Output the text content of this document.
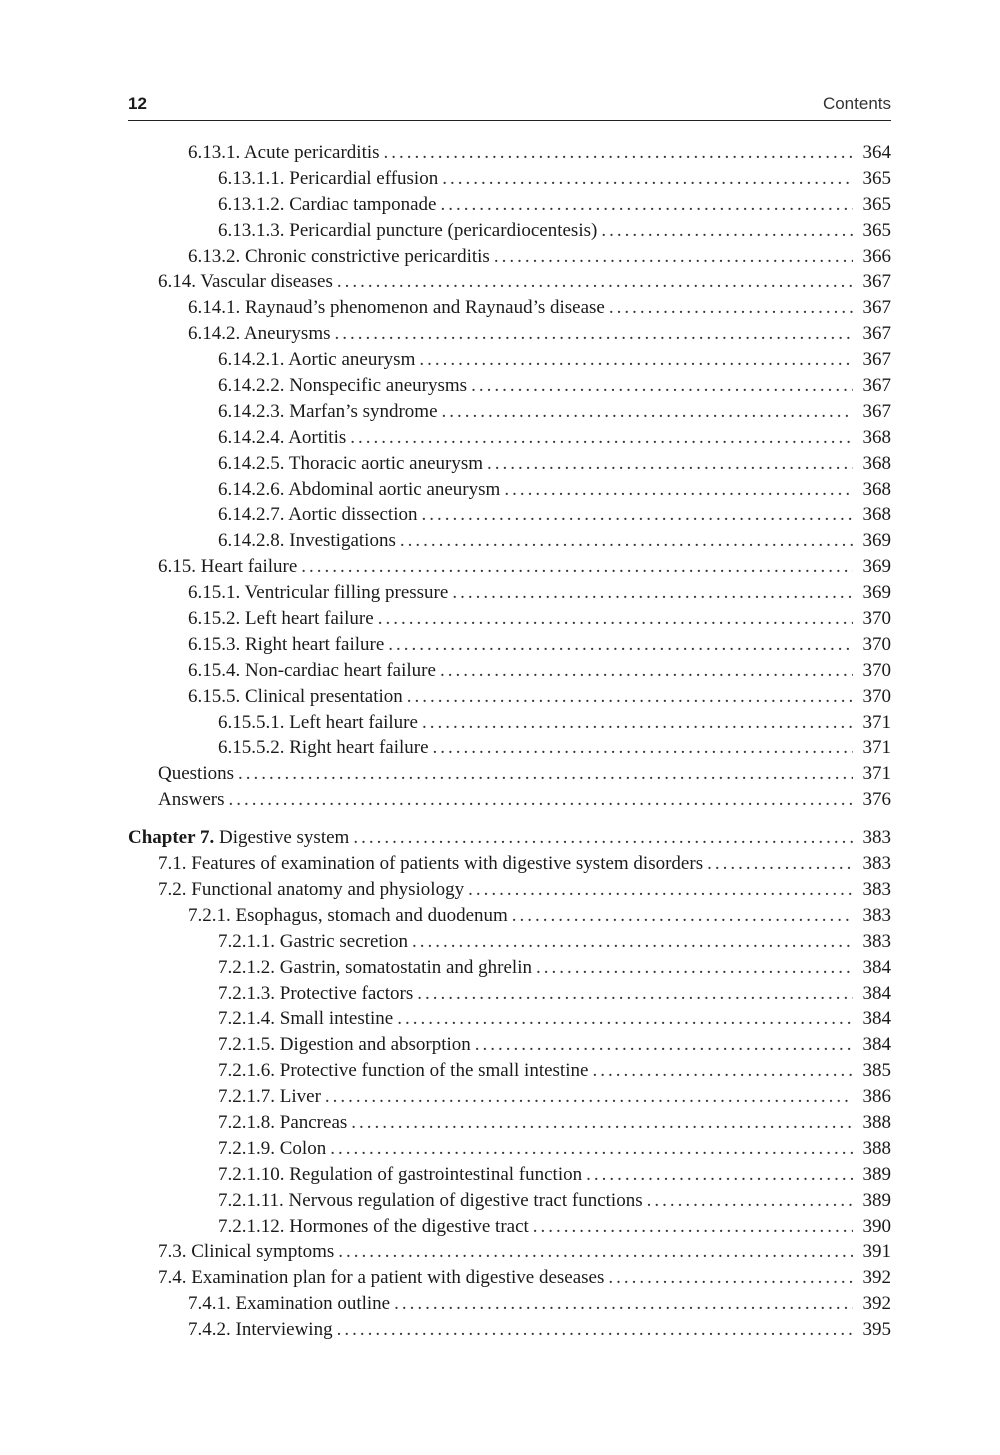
12	Contents
6.13.1. Acute pericarditis .....	364
6.13.1.1. Pericardial effusion .....	365
6.13.1.2. Cardiac tamponade .....	365
6.13.1.3. Pericardial puncture (pericardiocentesis) .....	365
6.13.2. Chronic constrictive pericarditis .....	366
6.14. Vascular diseases .....	367
6.14.1. Raynaud’s phenomenon and Raynaud’s disease .....	367
6.14.2. Aneurysms .....	367
6.14.2.1. Aortic aneurysm .....	367
6.14.2.2. Nonspecific aneurysms .....	367
6.14.2.3. Marfan’s syndrome .....	367
6.14.2.4. Aortitis .....	368
6.14.2.5. Thoracic aortic aneurysm .....	368
6.14.2.6. Abdominal aortic aneurysm .....	368
6.14.2.7. Aortic dissection .....	368
6.14.2.8. Investigations .....	369
6.15. Heart failure .....	369
6.15.1. Ventricular filling pressure .....	369
6.15.2. Left heart failure .....	370
6.15.3. Right heart failure .....	370
6.15.4. Non-cardiac heart failure .....	370
6.15.5. Clinical presentation .....	370
6.15.5.1. Left heart failure .....	371
6.15.5.2. Right heart failure .....	371
Questions .....	371
Answers .....	376
Chapter 7. Digestive system .....	383
7.1. Features of examination of patients with digestive system disorders .....	383
7.2. Functional anatomy and physiology .....	383
7.2.1. Esophagus, stomach and duodenum .....	383
7.2.1.1. Gastric secretion .....	383
7.2.1.2. Gastrin, somatostatin and ghrelin .....	384
7.2.1.3. Protective factors .....	384
7.2.1.4. Small intestine .....	384
7.2.1.5. Digestion and absorption .....	384
7.2.1.6. Protective function of the small intestine .....	385
7.2.1.7. Liver .....	386
7.2.1.8. Pancreas .....	388
7.2.1.9. Colon .....	388
7.2.1.10. Regulation of gastrointestinal function .....	389
7.2.1.11. Nervous regulation of digestive tract functions .....	389
7.2.1.12. Hormones of the digestive tract .....	390
7.3. Clinical symptoms .....	391
7.4. Examination plan for a patient with digestive deseases .....	392
7.4.1. Examination outline .....	392
7.4.2. Interviewing .....	395
